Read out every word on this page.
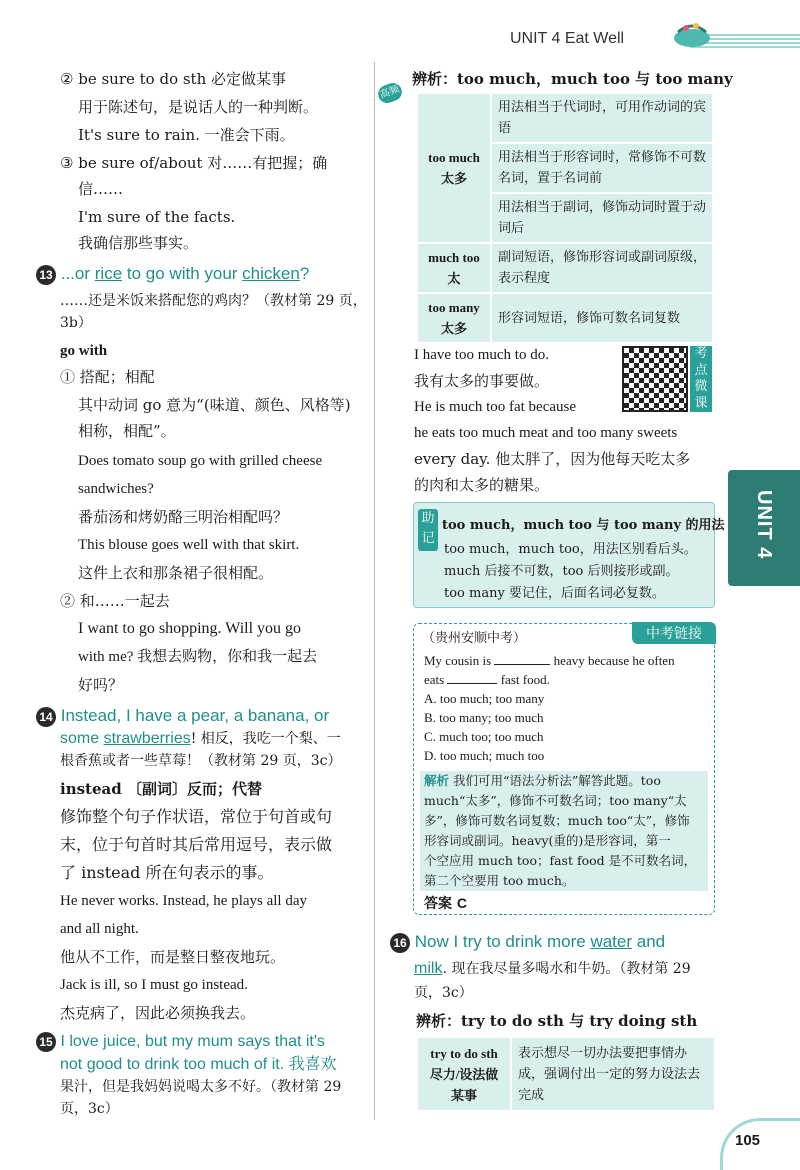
UNIT 4 Eat Well
② be sure to do sth 必定做某事
用于陈述句，是说话人的一种判断。
It's sure to rain. 一准会下雨。
③ be sure of/about 对……有把握；确
信……
I'm sure of the facts.
我确信那些事实。
13 ...or rice to go with your chicken?
……还是米饭来搭配您的鸡肉？（教材第 29 页，
3b）
go with
① 搭配；相配
其中动词 go 意为“(味道、颜色、风格等)
相称，相配”。
Does tomato soup go with grilled cheese
sandwiches?
番茄汤和烤奶酪三明治相配吗？
This blouse goes well with that skirt.
这件上衣和那条裙子很相配。
② 和……一起去
I want to go shopping. Will you go
with me? 我想去购物，你和我一起去
好吗？
14 Instead, I have a pear, a banana, or
some strawberries! 相反，我吃一个梨、一
根香蕉或者一些草莓！（教材第 29 页，3c）
instead 〔副词〕反而；代替
修饰整个句子作状语，常位于句首或句
末，位于句首时其后常用逗号，表示做
了 instead 所在句表示的事。
He never works. Instead, he plays all day
and all night.
他从不工作，而是整日整夜地玩。
Jack is ill, so I must go instead.
杰克病了，因此必须换我去。
15 I love juice, but my mum says that it's
not good to drink too much of it. 我喜欢
果汁，但是我妈妈说喝太多不好。（教材第 29
页，3c）
高频
辨析：too much，much too 与 too many
too much 太多	用法相当于代词时，可用作动词的宾语
	用法相当于形容词时，常修饰不可数名词，置于名词前
	用法相当于副词，修饰动词时置于动词后
much too 太	副词短语，修饰形容词或副词原级，表示程度
too many 太多	形容词短语，修饰可数名词复数
I have too much to do.
我有太多的事要做。
He is much too fat because
考点微课
he eats too much meat and too many sweets
every day. 他太胖了，因为他每天吃太多
的肉和太多的糖果。
助记
too much，much too 与 too many 的用法
too much，much too，用法区别看后头。
much 后接不可数，too 后则接形或副。
too many 要记住，后面名词必复数。
中考链接
（贵州安顺中考）
My cousin is	heavy because he often
eats	fast food.
A. too much; too many
B. too many; too much
C. much too; too much
D. too much; much too
解析 我们可用“语法分析法”解答此题。too
much“太多”，修饰不可数名词；too many“太
多”，修饰可数名词复数；much too“太”，修饰
形容词或副词。heavy(重的)是形容词，第一
个空应用 much too；fast food 是不可数名词，
第二个空要用 too much。
答案 C
16 Now I try to drink more water and
milk. 现在我尽量多喝水和牛奶。（教材第 29
页，3c）
辨析：try to do sth 与 try doing sth
try to do sth 尽力/设法做某事	表示想尽一切办法要把事情办成，强调付出一定的努力设法去完成
UNIT 4
105
